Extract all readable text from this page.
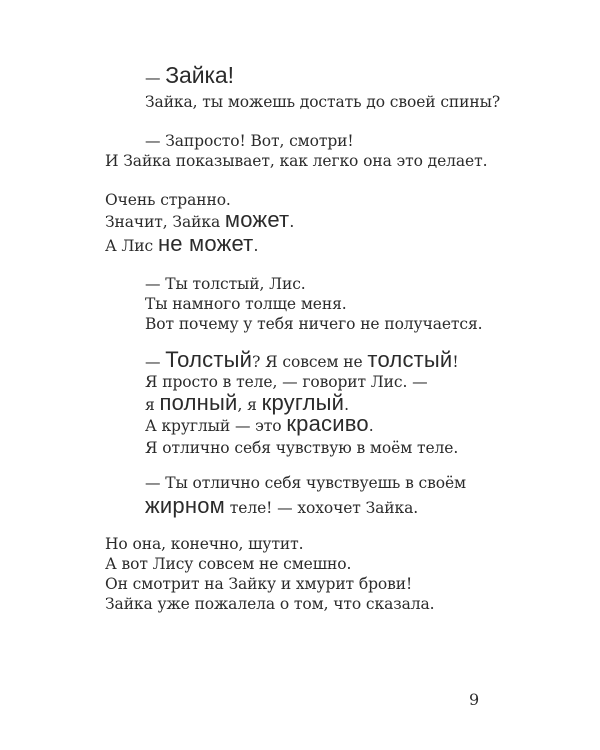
— Зайка!
Зайка, ты можешь достать до своей спины?
— Запросто! Вот, смотри!
И Зайка показывает, как легко она это делает.
Очень странно.
Значит, Зайка может.
А Лис не может.
— Ты толстый, Лис.
Ты намного толще меня.
Вот почему у тебя ничего не получается.
— Толстый? Я совсем не толстый!
Я просто в теле, — говорит Лис. —
я полный, я круглый.
А круглый — это красиво.
Я отлично себя чувствую в моём теле.
— Ты отлично себя чувствуешь в своём
жирном теле! — хохочет Зайка.
Но она, конечно, шутит.
А вот Лису совсем не смешно.
Он смотрит на Зайку и хмурит брови!
Зайка уже пожалела о том, что сказала.
9
